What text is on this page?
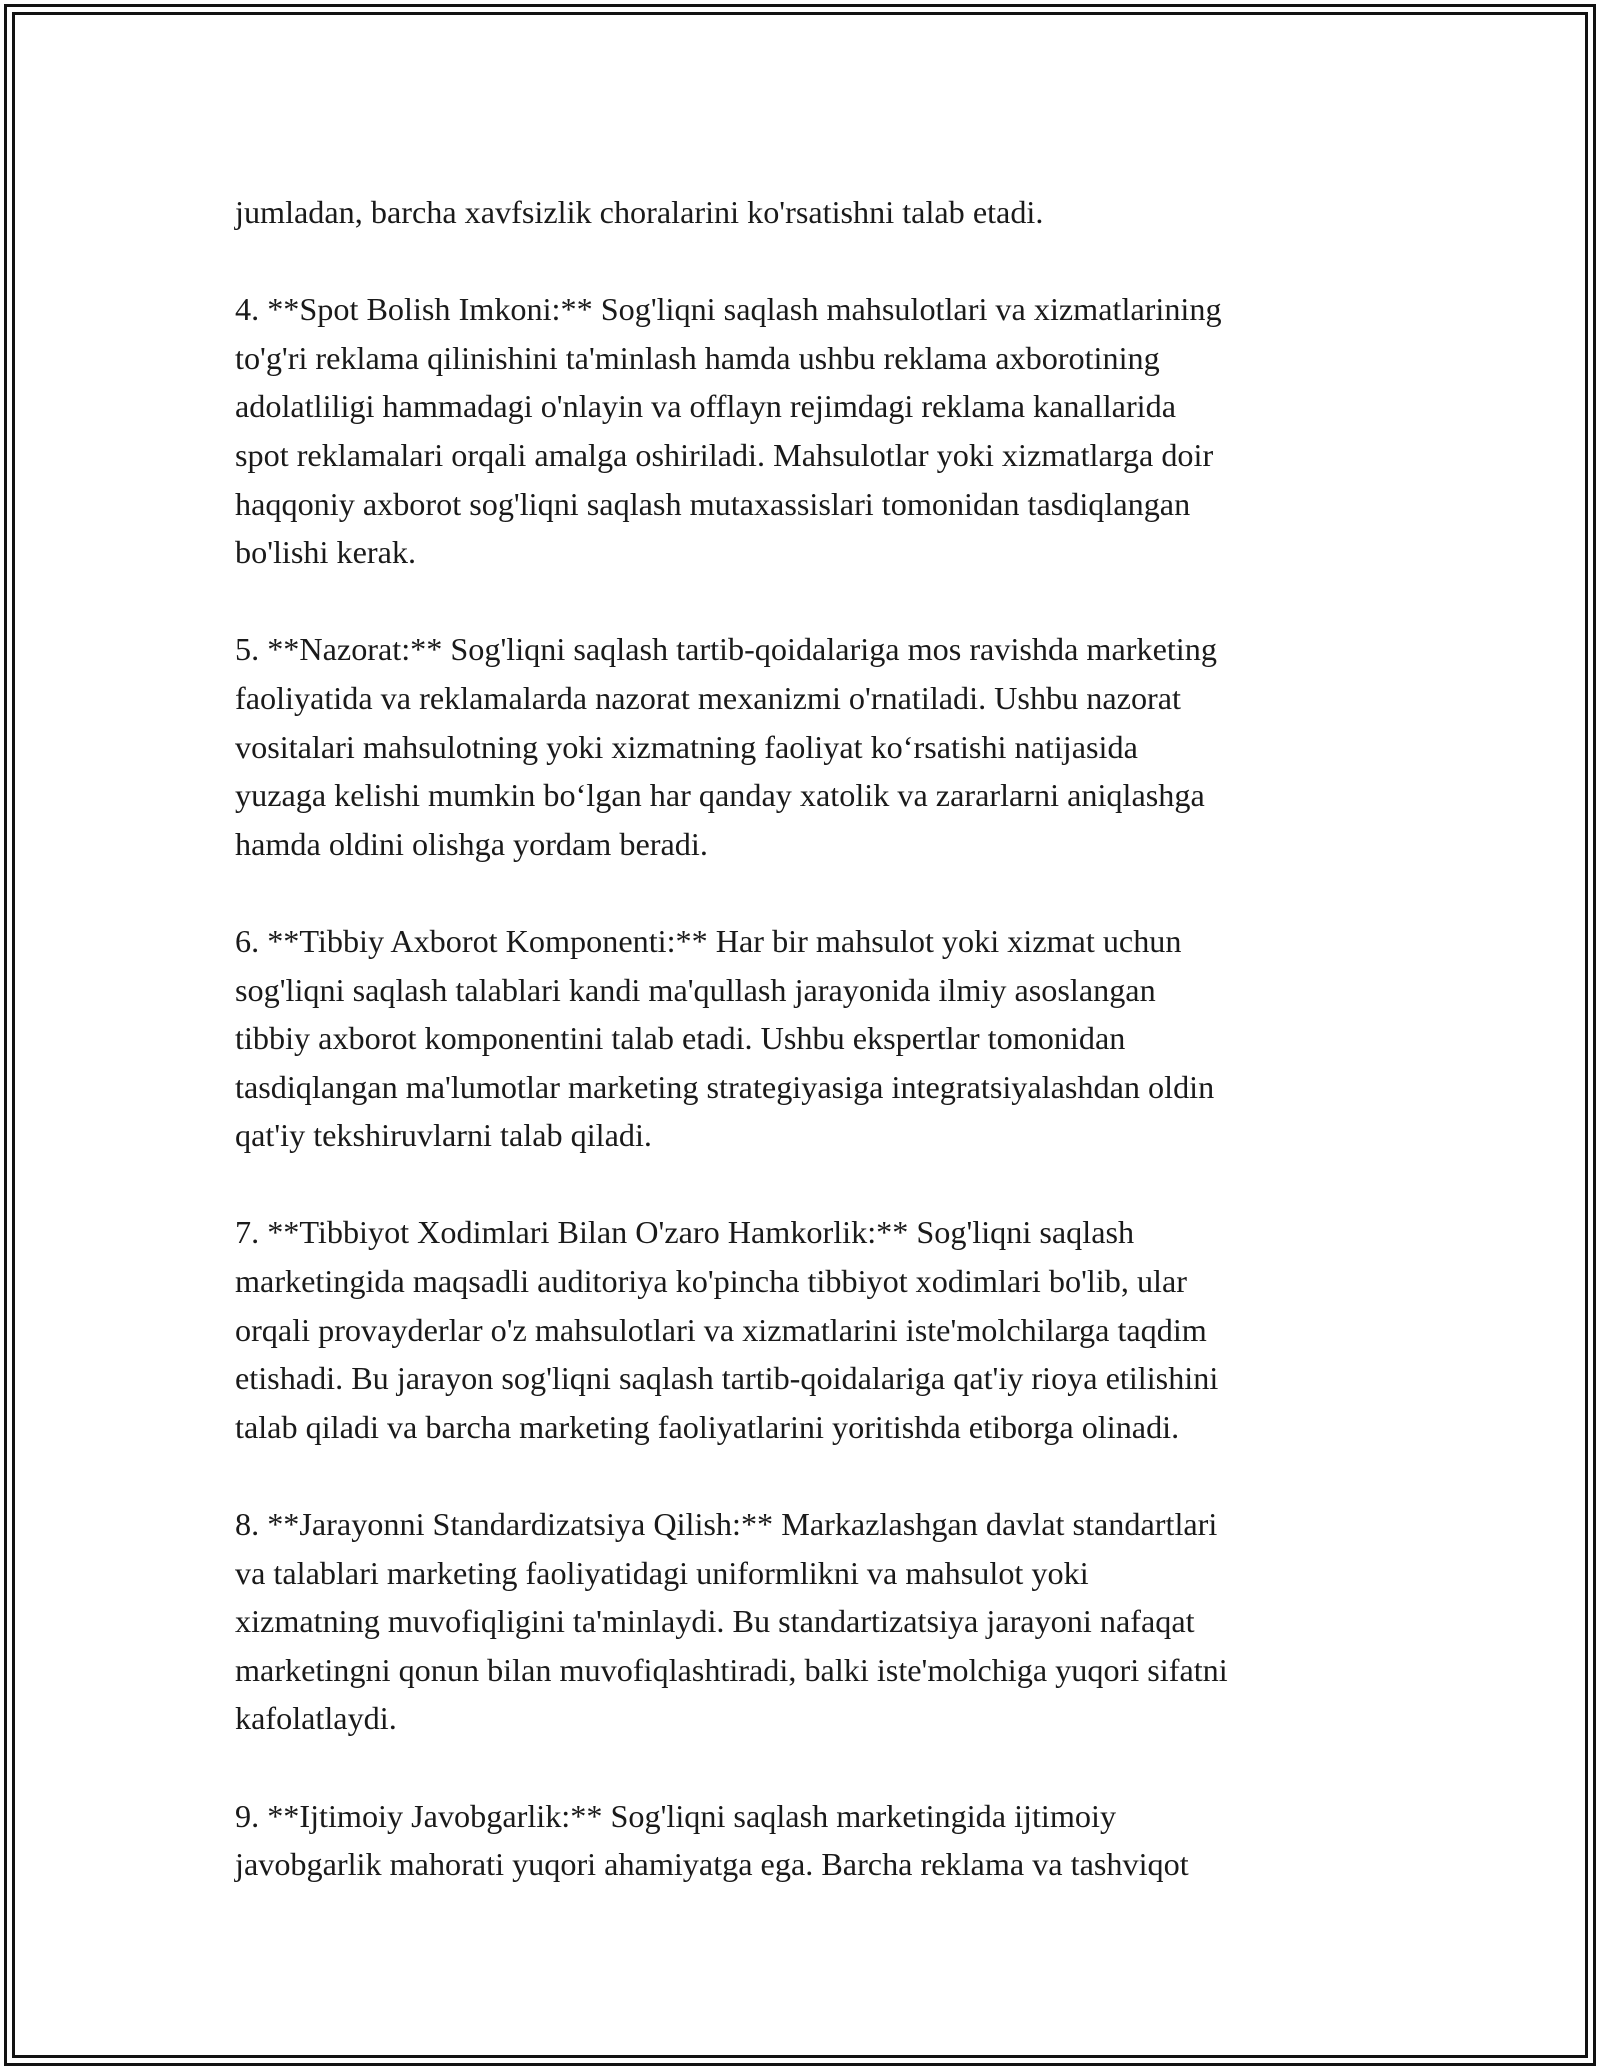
jumladan, barcha xavfsizlik choralarini ko'rsatishni talab etadi.

4. **Spot Bolish Imkoni:** Sog'liqni saqlash mahsulotlari va xizmatlarining
to'g'ri reklama qilinishini ta'minlash hamda ushbu reklama axborotining
adolatliligi hammadagi o'nlayin va offlayn rejimdagi reklama kanallarida
spot reklamalari orqali amalga oshiriladi. Mahsulotlar yoki xizmatlarga doir
haqqoniy axborot sog'liqni saqlash mutaxassislari tomonidan tasdiqlangan
bo'lishi kerak.

5. **Nazorat:** Sog'liqni saqlash tartib-qoidalariga mos ravishda marketing
faoliyatida va reklamalarda nazorat mexanizmi o'rnatiladi. Ushbu nazorat
vositalari mahsulotning yoki xizmatning faoliyat ko‘rsatishi natijasida
yuzaga kelishi mumkin bo‘lgan har qanday xatolik va zararlarni aniqlashga
hamda oldini olishga yordam beradi.

6. **Tibbiy Axborot Komponenti:** Har bir mahsulot yoki xizmat uchun
sog'liqni saqlash talablari kandi ma'qullash jarayonida ilmiy asoslangan
tibbiy axborot komponentini talab etadi. Ushbu ekspertlar tomonidan
tasdiqlangan ma'lumotlar marketing strategiyasiga integratsiyalashdan oldin
qat'iy tekshiruvlarni talab qiladi.

7. **Tibbiyot Xodimlari Bilan O'zaro Hamkorlik:** Sog'liqni saqlash
marketingida maqsadli auditoriya ko'pincha tibbiyot xodimlari bo'lib, ular
orqali provayderlar o'z mahsulotlari va xizmatlarini iste'molchilarga taqdim
etishadi. Bu jarayon sog'liqni saqlash tartib-qoidalariga qat'iy rioya etilishini
talab qiladi va barcha marketing faoliyatlarini yoritishda etiborga olinadi.

8. **Jarayonni Standardizatsiya Qilish:** Markazlashgan davlat standartlari
va talablari marketing faoliyatidagi uniformlikni va mahsulot yoki
xizmatning muvofiqligini ta'minlaydi. Bu standartizatsiya jarayoni nafaqat
marketingni qonun bilan muvofiqlashtiradi, balki iste'molchiga yuqori sifatni
kafolatlaydi.

9. **Ijtimoiy Javobgarlik:** Sog'liqni saqlash marketingida ijtimoiy
javobgarlik mahorati yuqori ahamiyatga ega. Barcha reklama va tashviqot
